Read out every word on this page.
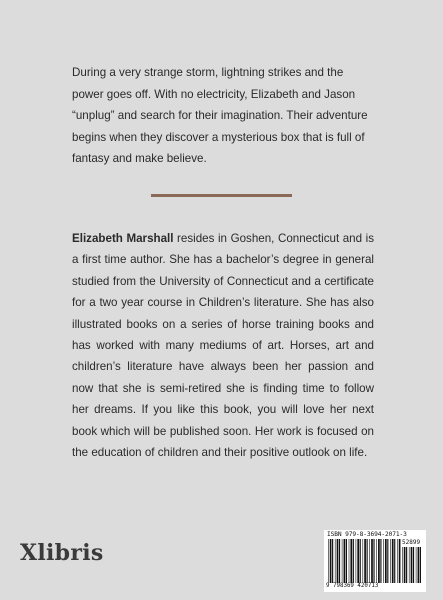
During a very strange storm, lightning strikes and the power goes off. With no electricity, Elizabeth and Jason “unplug” and search for their imagination. Their adventure begins when they discover a mysterious box that is full of fantasy and make believe.

Elizabeth Marshall resides in Goshen, Connecticut and is a first time author. She has a bachelor’s degree in general studied from the University of Connecticut and a certificate for a two year course in Children’s literature. She has also illustrated books on a series of horse training books and has worked with many mediums of art. Horses, art and children’s literature have always been her passion and now that she is semi-retired she is finding time to follow her dreams. If you like this book, you will love her next book which will be published soon. Her work is focused on the education of children and their positive outlook on life.

Xlibris
ISBN 979-8-3694-2071-3
52899
9 798369 420713
